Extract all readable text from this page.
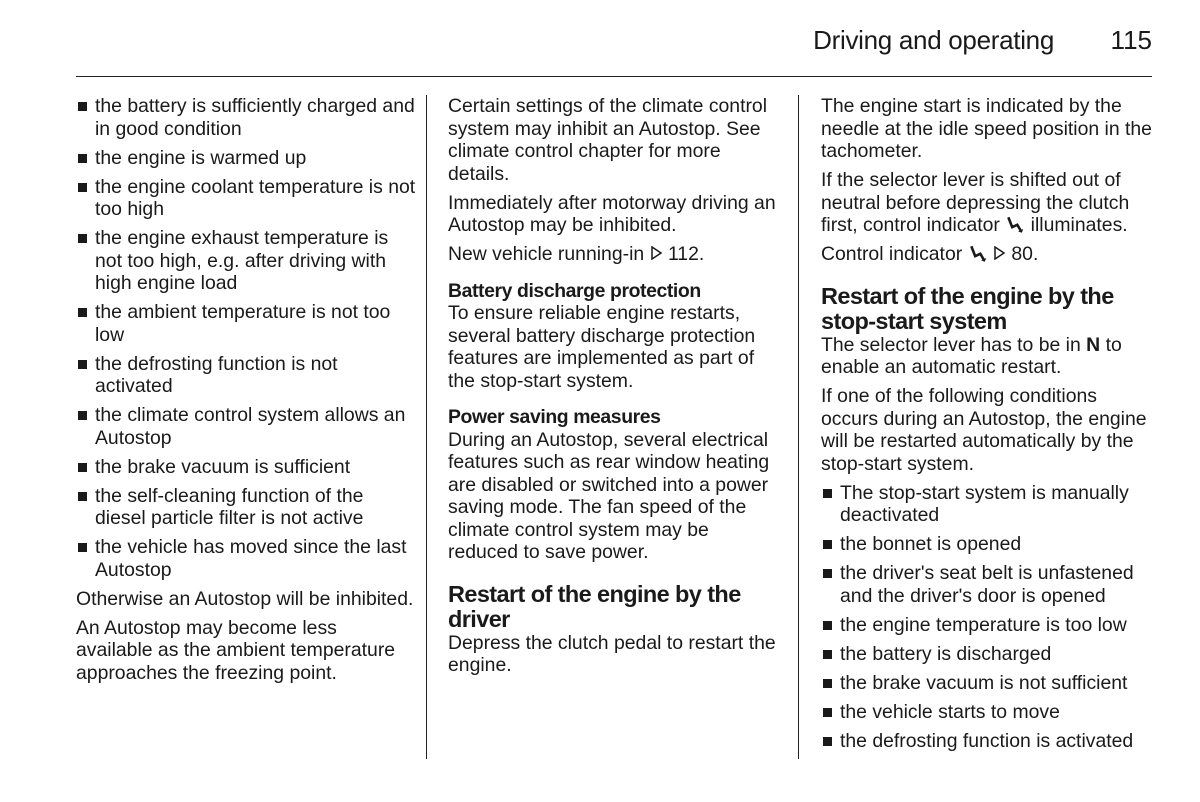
Driving and operating 115
the battery is sufficiently charged and in good condition
the engine is warmed up
the engine coolant temperature is not too high
the engine exhaust temperature is not too high, e.g. after driving with high engine load
the ambient temperature is not too low
the defrosting function is not activated
the climate control system allows an Autostop
the brake vacuum is sufficient
the self-cleaning function of the diesel particle filter is not active
the vehicle has moved since the last Autostop

Otherwise an Autostop will be inhibited.

An Autostop may become less available as the ambient temperature approaches the freezing point.

Certain settings of the climate control system may inhibit an Autostop. See climate control chapter for more details.

Immediately after motorway driving an Autostop may be inhibited.

New vehicle running-in 112.

Battery discharge protection

To ensure reliable engine restarts, several battery discharge protection features are implemented as part of the stop-start system.

Power saving measures

During an Autostop, several electrical features such as rear window heating are disabled or switched into a power saving mode. The fan speed of the climate control system may be reduced to save power.

Restart of the engine by the driver

Depress the clutch pedal to restart the engine.

The engine start is indicated by the needle at the idle speed position in the tachometer.

If the selector lever is shifted out of neutral before depressing the clutch first, control indicator illuminates.

Control indicator	80.

Restart of the engine by the stop-start system

The selector lever has to be in N to enable an automatic restart.

If one of the following conditions occurs during an Autostop, the engine will be restarted automatically by the stop-start system.

The stop-start system is manually deactivated
the bonnet is opened
the driver's seat belt is unfastened and the driver's door is opened
the engine temperature is too low
the battery is discharged
the brake vacuum is not sufficient
the vehicle starts to move
the defrosting function is activated
